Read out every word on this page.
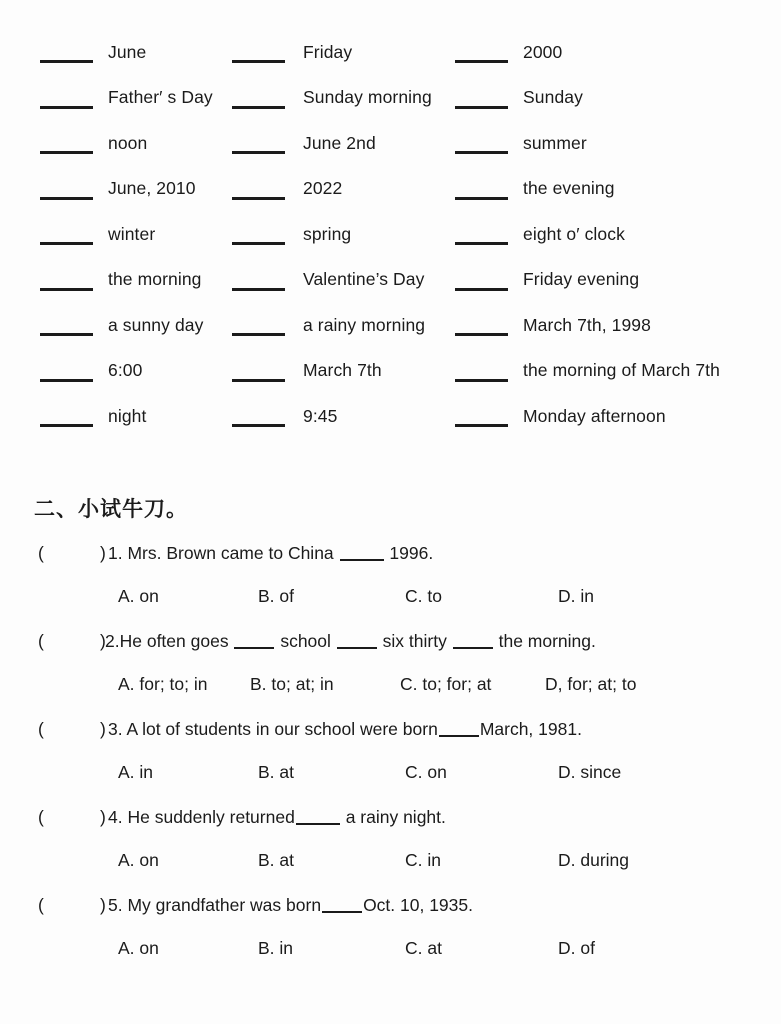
June	Friday	2000
Father′ s Day	Sunday morning	Sunday
noon	June 2nd	summer
June, 2010	2022	the evening
winter	spring	eight o′ clock
the morning	Valentine’s Day	Friday evening
a sunny day	a rainy morning	March 7th, 1998
6:00	March 7th	the morning of March 7th
night	9:45	Monday afternoon
二、小试牛刀。
(	) 1. Mrs. Brown came to China	1996.
A. on	B. of	C. to	D. in
(	) 2.He often goes	school	six thirty	the morning.
A. for; to; in B. to; at; in	C. to; for; at	D, for; at; to
(	) 3. A lot of students in our school were born March, 1981.
A. in	B. at	C. on	D. since
(	) 4. He suddenly returned	a rainy night.
A. on	B. at	C. in	D. during
(	) 5. My grandfather was born Oct. 10, 1935.
A. on	B. in	C. at	D. of
